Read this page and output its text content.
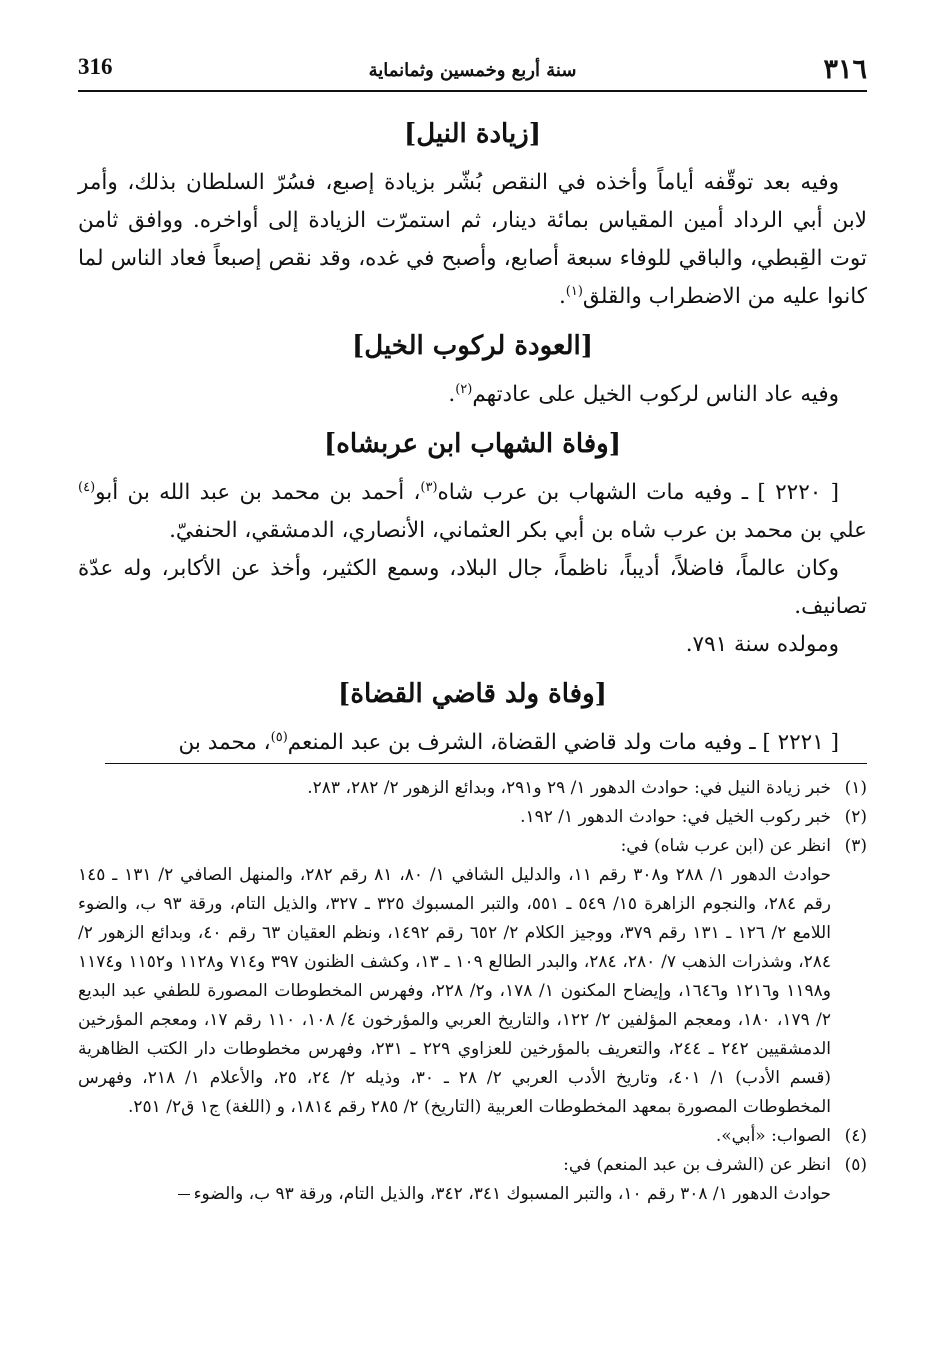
٣١٦
سنة أربع وخمسين وثمانماية
316
[زيادة النيل]

وفيه بعد توقّفه أياماً وأخذه في النقص بُشّر بزيادة إصبع، فسُرّ السلطان بذلك، وأمر لابن أبي الرداد أمين المقياس بمائة دينار، ثم استمرّت الزيادة إلى أواخره. ووافق ثامن توت القِبطي، والباقي للوفاء سبعة أصابع، وأصبح في غده، وقد نقص إصبعاً فعاد الناس لما كانوا عليه من الاضطراب والقلق$^{(١)}$.

[العودة لركوب الخيل]

وفيه عاد الناس لركوب الخيل على عادتهم$^{(٢)}$.

[وفاة الشهاب ابن عربشاه]

[ ٢٢٢٠ ] ـ وفيه مات الشهاب بن عرب شاه$^{(٣)}$، أحمد بن محمد بن عبد الله بن أبو$^{(٤)}$ علي بن محمد بن عرب شاه بن أبي بكر العثماني، الأنصاري، الدمشقي، الحنفيّ.

وكان عالماً، فاضلاً، أديباً، ناظماً، جال البلاد، وسمع الكثير، وأخذ عن الأكابر، وله عدّة تصانيف.

ومولده سنة ٧٩١.

[وفاة ولد قاضي القضاة]

[ ٢٢٢١ ] ـ وفيه مات ولد قاضي القضاة، الشرف بن عبد المنعم$^{(٥)}$، محمد بن

(١)

خبر زيادة النيل في: حوادث الدهور ١/ ٢٩ و٢٩١، وبدائع الزهور ٢/ ٢٨٢، ٢٨٣.

(٢)

خبر ركوب الخيل في: حوادث الدهور ١/ ١٩٢.

(٣)

انظر عن (ابن عرب شاه) في:

حوادث الدهور ١/ ٢٨٨ و٣٠٨ رقم ١١، والدليل الشافي ١/ ٨٠، ٨١ رقم ٢٨٢، والمنهل الصافي ٢/ ١٣١ ـ ١٤٥ رقم ٢٨٤، والنجوم الزاهرة ١٥/ ٥٤٩ ـ ٥٥١، والتبر المسبوك ٣٢٥ ـ ٣٢٧، والذيل التام، ورقة ٩٣ ب، والضوء اللامع ٢/ ١٢٦ ـ ١٣١ رقم ٣٧٩، ووجيز الكلام ٢/ ٦٥٢ رقم ١٤٩٢، ونظم العقيان ٦٣ رقم ٤٠، وبدائع الزهور ٢/ ٢٨٤، وشذرات الذهب ٧/ ٢٨٠، ٢٨٤، والبدر الطالع ١٠٩ ـ ١٣، وكشف الظنون ٣٩٧ و٧١٤ و١١٢٨ و١١٥٢ و١١٧٤ و١١٩٨ و١٢١٦ و١٦٤٦، وإيضاح المكنون ١/ ١٧٨، و٢/ ٢٢٨، وفهرس المخطوطات المصورة للطفي عبد البديع ٢/ ١٧٩، ١٨٠، ومعجم المؤلفين ٢/ ١٢٢، والتاريخ العربي والمؤرخون ٤/ ١٠٨، ١١٠ رقم ١٧، ومعجم المؤرخين الدمشقيين ٢٤٢ ـ ٢٤٤، والتعريف بالمؤرخين للعزاوي ٢٢٩ ـ ٢٣١، وفهرس مخطوطات دار الكتب الظاهرية (قسم الأدب) ١/ ٤٠١، وتاريخ الأدب العربي ٢/ ٢٨ ـ ٣٠، وذيله ٢/ ٢٤، ٢٥، والأعلام ١/ ٢١٨، وفهرس المخطوطات المصورة بمعهد المخطوطات العربية (التاريخ) ٢/ ٢٨٥ رقم ١٨١٤، و (اللغة) ج١ ق٢/ ٢٥١.

(٤)

الصواب: «أبي».

(٥)

انظر عن (الشرف بن عبد المنعم) في:

حوادث الدهور ١/ ٣٠٨ رقم ١٠، والتبر المسبوك ٣٤١، ٣٤٢، والذيل التام، ورقة ٩٣ ب، والضوء
